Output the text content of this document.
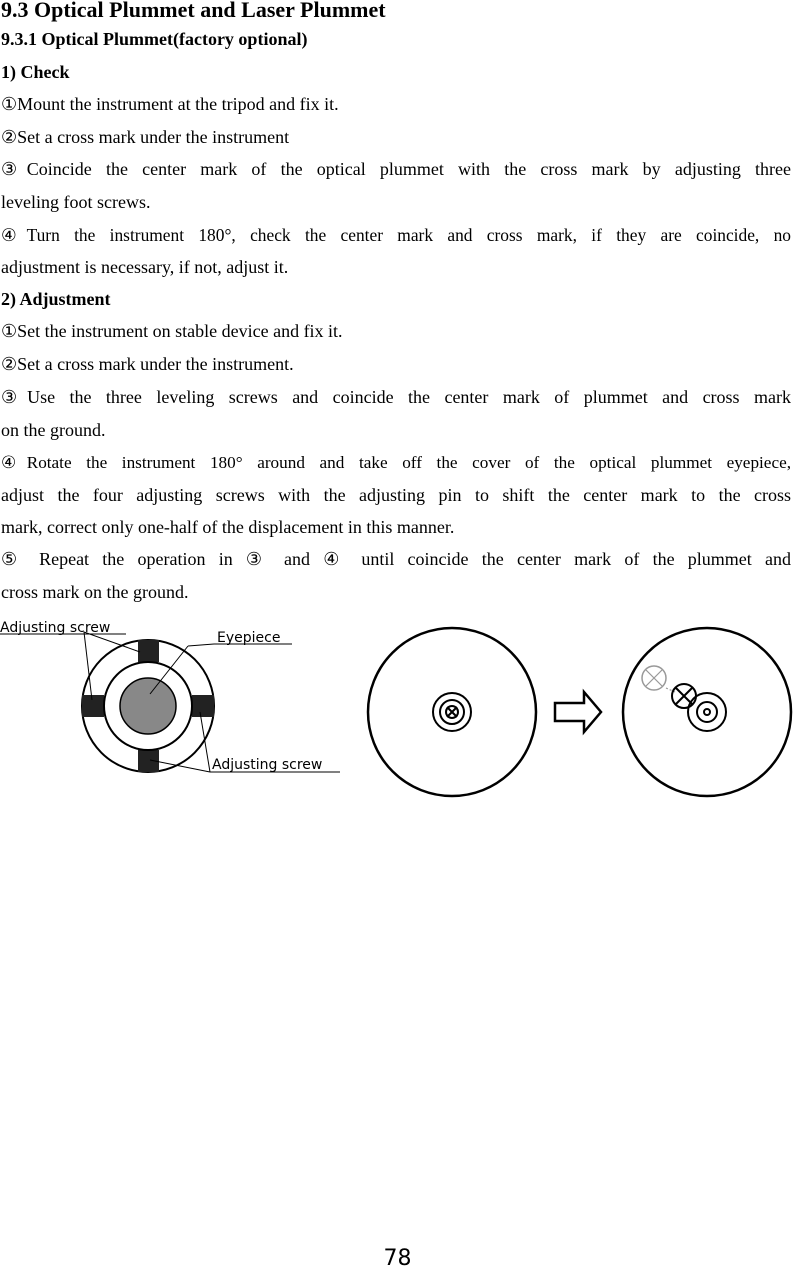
9.3 Optical Plummet and Laser Plummet
9.3.1 Optical Plummet(factory optional)
1) Check
①Mount the instrument at the tripod and fix it.
②Set a cross mark under the instrument
③Coincide the center mark of the optical plummet with the cross mark by adjusting three
leveling foot screws.
④Turn the instrument 180°, check the center mark and cross mark, if they are coincide, no
adjustment is necessary, if not, adjust it.
2) Adjustment
①Set the instrument on stable device and fix it.
②Set a cross mark under the instrument.
③Use the three leveling screws and coincide the center mark of plummet and cross mark
on the ground.
④Rotate the instrument 180° around and take off the cover of the optical plummet eyepiece,
adjust the four adjusting screws with the adjusting pin to shift the center mark to the cross
mark, correct only one-half of the displacement in this manner.
⑤ Repeat the operation in ③ and ④ until coincide the center mark of the plummet and
cross mark on the ground.
Adjusting screw
Eyepiece
Adjusting screw
78
